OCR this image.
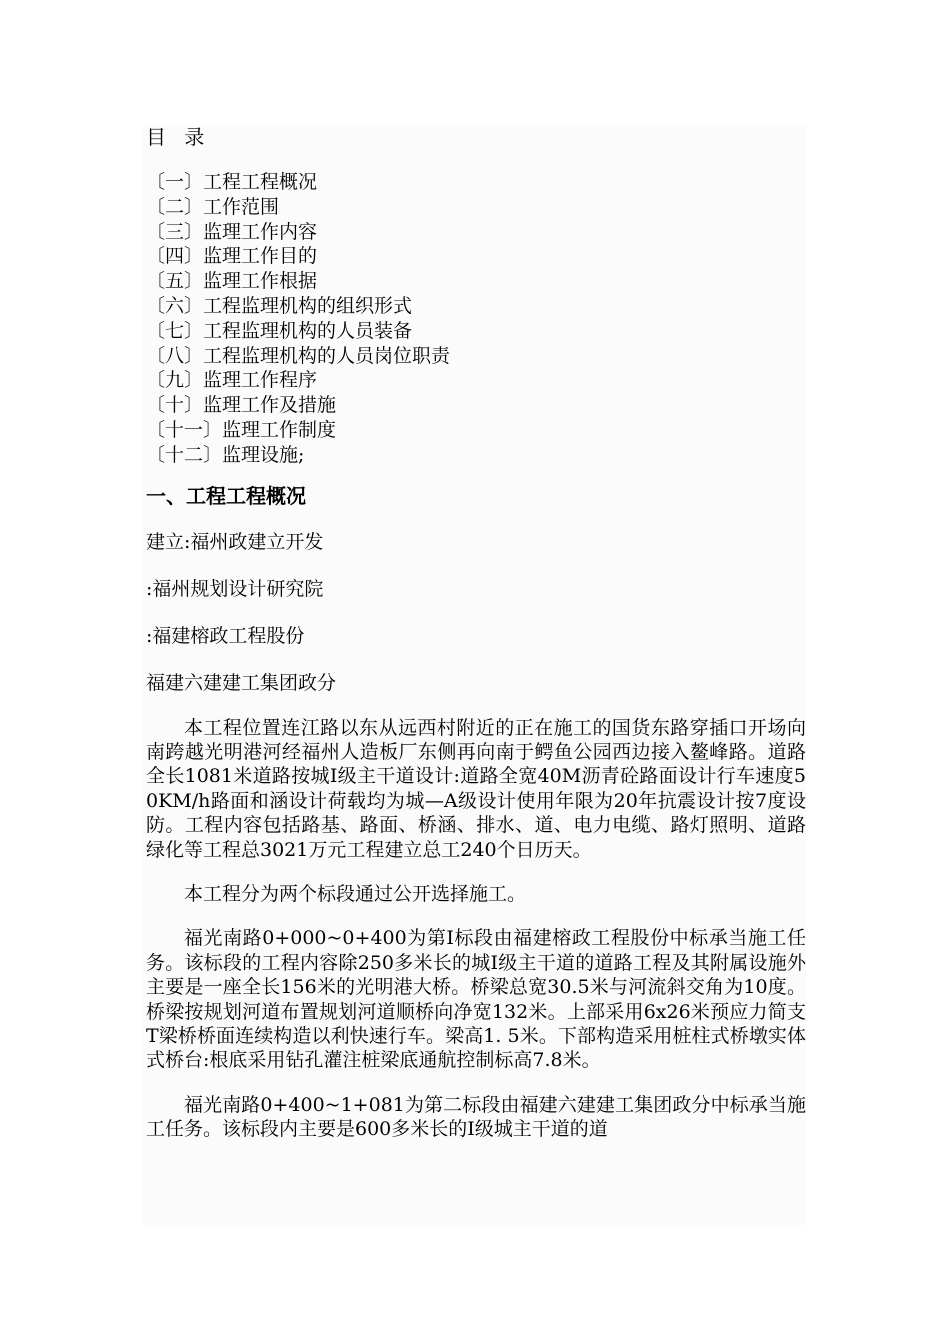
目 录
〔一〕工程工程概况
〔二〕工作范围
〔三〕监理工作内容
〔四〕监理工作目的
〔五〕监理工作根据
〔六〕工程监理机构的组织形式
〔七〕工程监理机构的人员装备
〔八〕工程监理机构的人员岗位职责
〔九〕监理工作程序
〔十〕监理工作及措施
〔十一〕监理工作制度
〔十二〕监理设施;
一、工程工程概况
建立:福州政建立开发
:福州规划设计研究院
:福建榕政工程股份
福建六建建工集团政分

本工程位置连江路以东从远西村附近的正在施工的国货东路穿插口开场向南跨越光明港河经福州人造板厂东侧再向南于鳄鱼公园西边接入鳌峰路。道路全长1081米道路按城Ⅰ级主干道设计:道路全宽40M沥青砼路面设计行车速度50KM/h路面和涵设计荷载均为城—A级设计使用年限为20年抗震设计按7度设防。工程内容包括路基、路面、桥涵、排水、道、电力电缆、路灯照明、道路绿化等工程总3021万元工程建立总工240个日历天。

本工程分为两个标段通过公开选择施工。

福光南路0+000~0+400为第Ⅰ标段由福建榕政工程股份中标承当施工任务。该标段的工程内容除250多米长的城Ⅰ级主干道的道路工程及其附属设施外主要是一座全长156米的光明港大桥。桥梁总宽30.5米与河流斜交角为10度。桥梁按规划河道布置规划河道顺桥向净宽132米。上部采用6x26米预应力简支T梁桥桥面连续构造以利快速行车。梁高1. 5米。下部构造采用桩柱式桥墩实体式桥台:根底采用钻孔灌注桩梁底通航控制标高7.8米。

福光南路0+400~1+081为第二标段由福建六建建工集团政分中标承当施工任务。该标段内主要是600多米长的Ⅰ级城主干道的道
